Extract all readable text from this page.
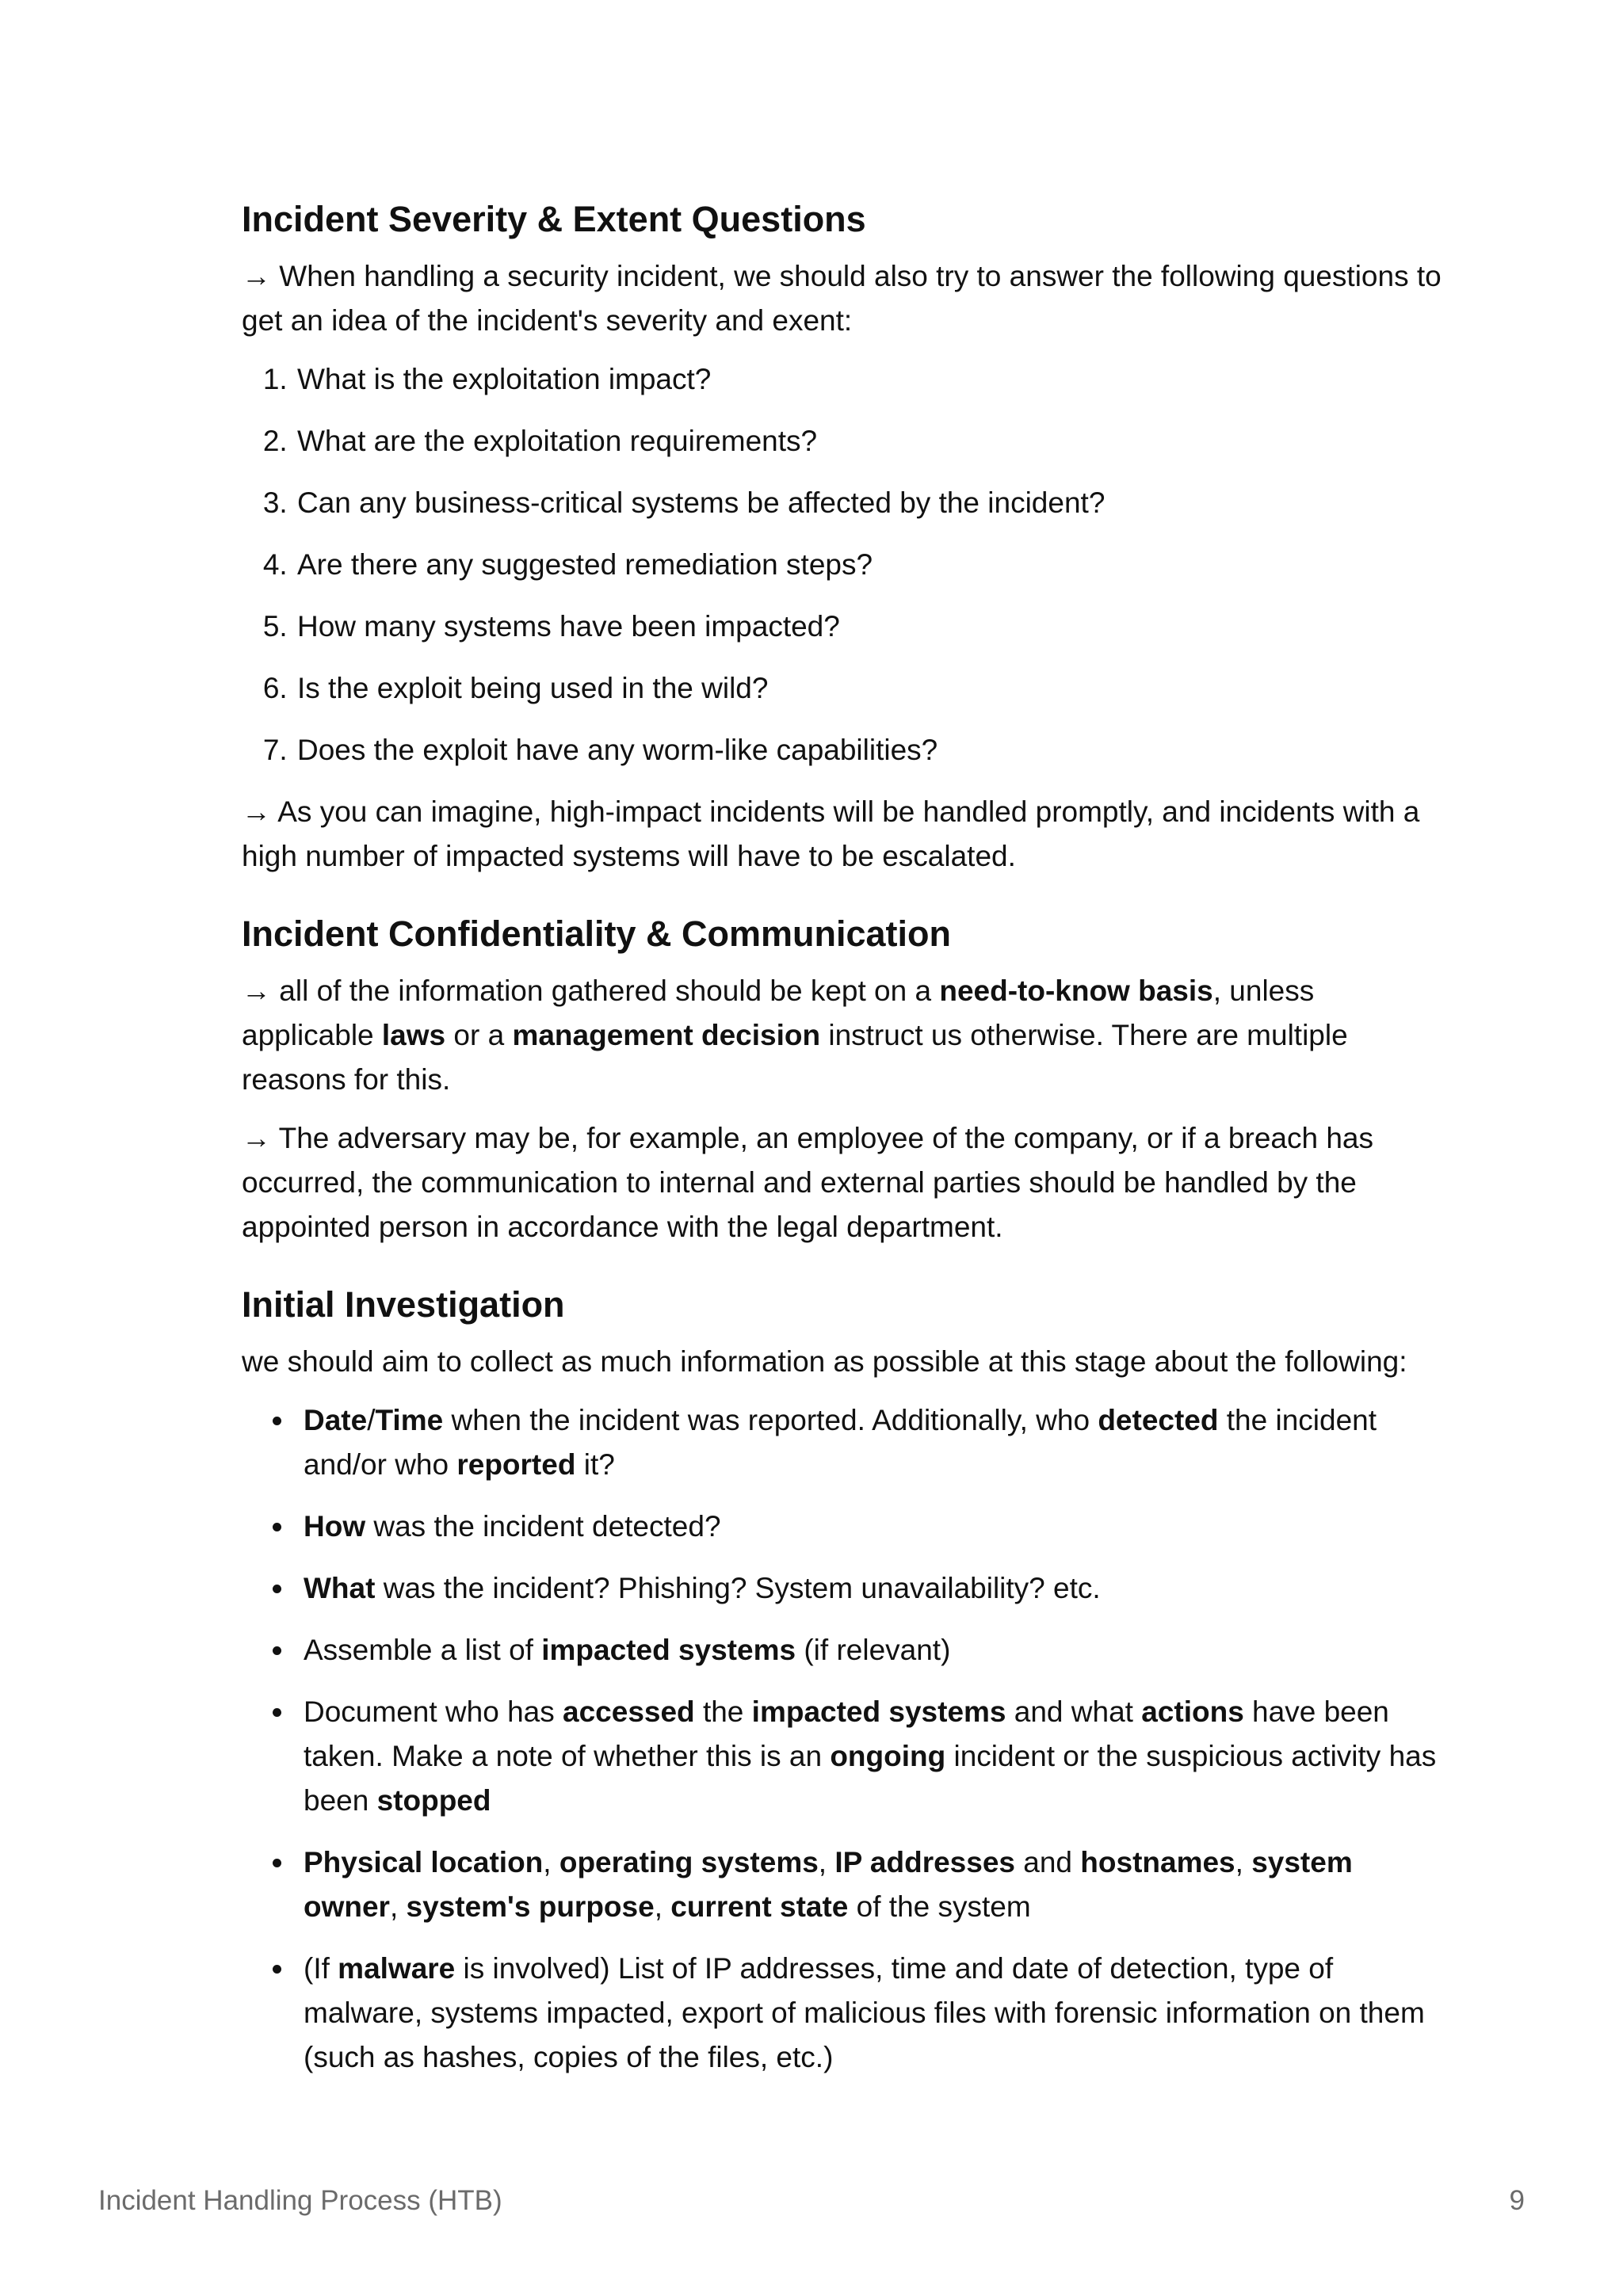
Incident Severity & Extent Questions

→ When handling a security incident, we should also try to answer the following questions to get an idea of the incident's severity and exent:

1. What is the exploitation impact?
2. What are the exploitation requirements?
3. Can any business-critical systems be affected by the incident?
4. Are there any suggested remediation steps?
5. How many systems have been impacted?
6. Is the exploit being used in the wild?
7. Does the exploit have any worm-like capabilities?

→ As you can imagine, high-impact incidents will be handled promptly, and incidents with a high number of impacted systems will have to be escalated.

Incident Confidentiality & Communication

→ all of the information gathered should be kept on a need-to-know basis, unless applicable laws or a management decision instruct us otherwise. There are multiple reasons for this.

→ The adversary may be, for example, an employee of the company, or if a breach has occurred, the communication to internal and external parties should be handled by the appointed person in accordance with the legal department.

Initial Investigation

we should aim to collect as much information as possible at this stage about the following:

• Date/Time when the incident was reported. Additionally, who detected the incident and/or who reported it?
• How was the incident detected?
• What was the incident? Phishing? System unavailability? etc.
• Assemble a list of impacted systems (if relevant)
• Document who has accessed the impacted systems and what actions have been taken. Make a note of whether this is an ongoing incident or the suspicious activity has been stopped
• Physical location, operating systems, IP addresses and hostnames, system owner, system's purpose, current state of the system
• (If malware is involved) List of IP addresses, time and date of detection, type of malware, systems impacted, export of malicious files with forensic information on them (such as hashes, copies of the files, etc.)
Incident Handling Process (HTB)	9
